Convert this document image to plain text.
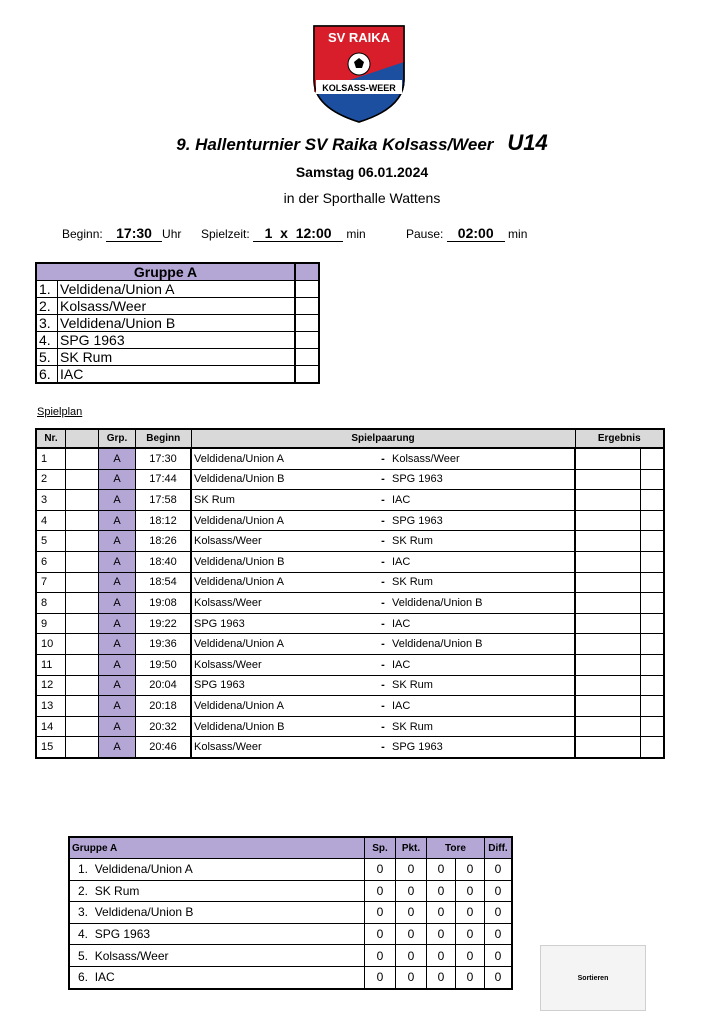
SV RAIKA
KOLSASS-WEER
9. Hallenturnier SV Raika Kolsass/Weer U14
Samstag 06.01.2024
in der Sporthalle Wattens
Beginn: 17:30 Uhr Spielzeit: 1 x 12:00 min	Pause: 02:00 min
Gruppe A		
1.	Veldidena/Union A	
2.	Kolsass/Weer	
3.	Veldidena/Union B	
4.	SPG 1963	
5.	SK Rum	
6.	IAC	
Spielplan
Nr.		Grp.	Beginn	Spielpaarung			Ergebnis	
1		A	17:30	Veldidena/Union A	-	Kolsass/Weer		
2		A	17:44	Veldidena/Union B	-	SPG 1963		
3		A	17:58	SK Rum	-	IAC		
4		A	18:12	Veldidena/Union A	-	SPG 1963		
5		A	18:26	Kolsass/Weer	-	SK Rum		
6		A	18:40	Veldidena/Union B	-	IAC		
7		A	18:54	Veldidena/Union A	-	SK Rum		
8		A	19:08	Kolsass/Weer	-	Veldidena/Union B		
9		A	19:22	SPG 1963	-	IAC		
10		A	19:36	Veldidena/Union A	-	Veldidena/Union B		
11		A	19:50	Kolsass/Weer	-	IAC		
12		A	20:04	SPG 1963	-	SK Rum		
13		A	20:18	Veldidena/Union A	-	IAC		
14		A	20:32	Veldidena/Union B	-	SK Rum		
15		A	20:46	Kolsass/Weer	-	SPG 1963		
Gruppe A	Sp.	Pkt.	Tore		Diff.
1. Veldidena/Union A	0	0	0	0	0
2. SK Rum	0	0	0	0	0
3. Veldidena/Union B	0	0	0	0	0
4. SPG 1963	0	0	0	0	0
5. Kolsass/Weer	0	0	0	0	0
6. IAC	0	0	0	0	0	Sortieren
